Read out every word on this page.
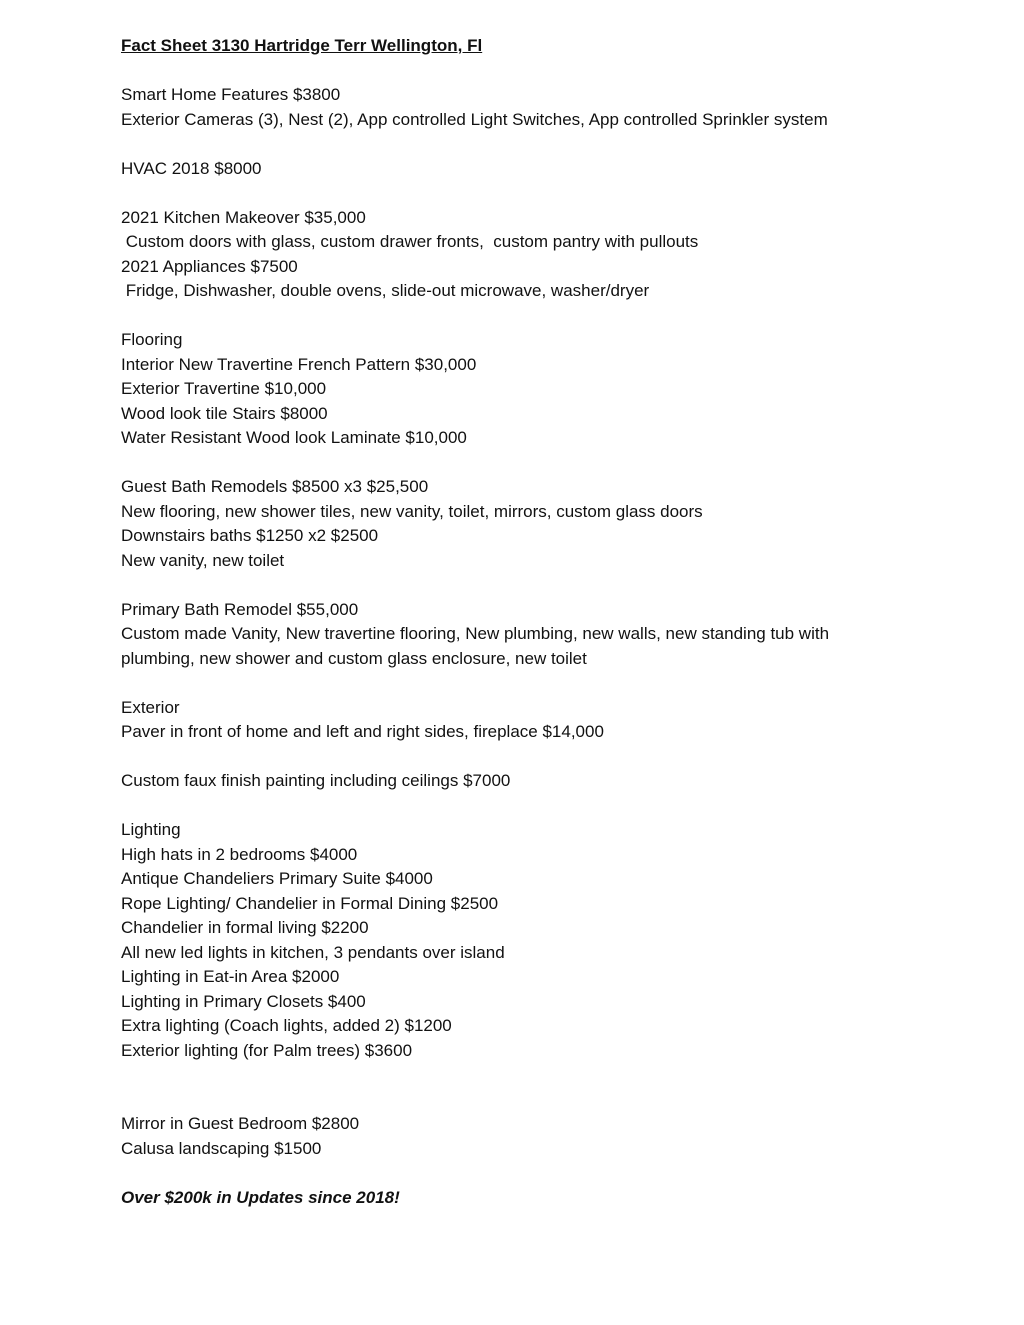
Fact Sheet 3130 Hartridge Terr Wellington, Fl
Smart Home Features $3800
Exterior Cameras (3), Nest (2), App controlled Light Switches, App controlled Sprinkler system
HVAC 2018 $8000
2021 Kitchen Makeover $35,000
Custom doors with glass, custom drawer fronts,  custom pantry with pullouts
2021 Appliances $7500
Fridge, Dishwasher, double ovens, slide-out microwave, washer/dryer
Flooring
Interior New Travertine French Pattern $30,000
Exterior Travertine $10,000
Wood look tile Stairs $8000
Water Resistant Wood look Laminate $10,000
Guest Bath Remodels $8500 x3 $25,500
New flooring, new shower tiles, new vanity, toilet, mirrors, custom glass doors
Downstairs baths $1250 x2 $2500
New vanity, new toilet
Primary Bath Remodel $55,000
Custom made Vanity, New travertine flooring, New plumbing, new walls, new standing tub with plumbing, new shower and custom glass enclosure, new toilet
Exterior
Paver in front of home and left and right sides, fireplace $14,000
Custom faux finish painting including ceilings $7000
Lighting
High hats in 2 bedrooms $4000
Antique Chandeliers Primary Suite $4000
Rope Lighting/ Chandelier in Formal Dining $2500
Chandelier in formal living $2200
All new led lights in kitchen, 3 pendants over island
Lighting in Eat-in Area $2000
Lighting in Primary Closets $400
Extra lighting (Coach lights, added 2) $1200
Exterior lighting (for Palm trees) $3600
Mirror in Guest Bedroom $2800
Calusa landscaping $1500
Over $200k in Updates since 2018!
